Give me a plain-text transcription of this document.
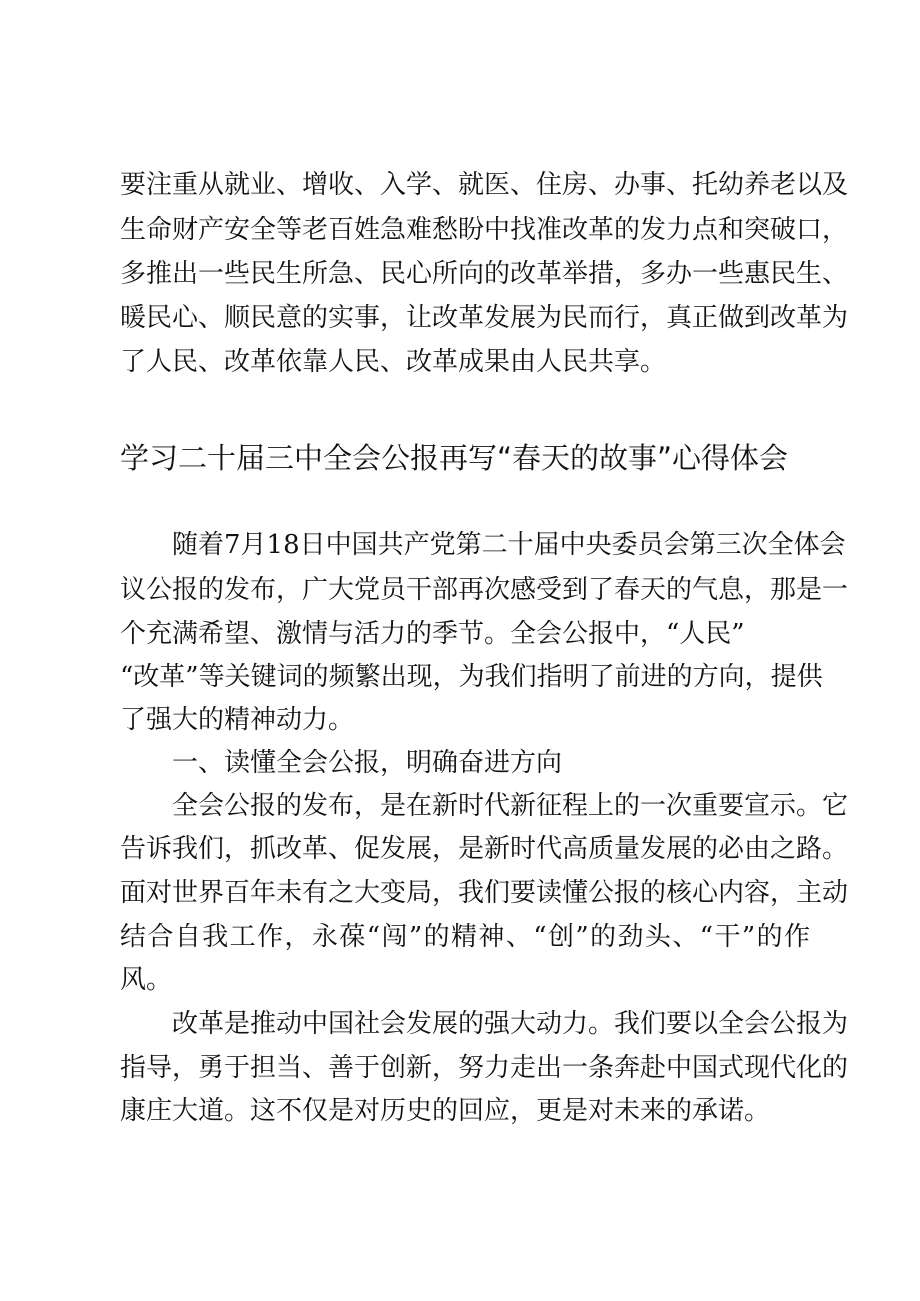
要注重从就业、增收、入学、就医、住房、办事、托幼养老以及
生命财产安全等老百姓急难愁盼中找准改革的发力点和突破口，
多推出一些民生所急、民心所向的改革举措，多办一些惠民生、
暖民心、顺民意的实事，让改革发展为民而行，真正做到改革为
了人民、改革依靠人民、改革成果由人民共享。
学习二十届三中全会公报再写“春天的故事”心得体会
随着7月18日中国共产党第二十届中央委员会第三次全体会
议公报的发布，广大党员干部再次感受到了春天的气息，那是一
个充满希望、激情与活力的季节。全会公报中，“人民”
“改革”等关键词的频繁出现，为我们指明了前进的方向，提供
了强大的精神动力。
一、读懂全会公报，明确奋进方向
全会公报的发布，是在新时代新征程上的一次重要宣示。它
告诉我们，抓改革、促发展，是新时代高质量发展的必由之路。
面对世界百年未有之大变局，我们要读懂公报的核心内容，主动
结合自我工作，永葆“闯”的精神、“创”的劲头、“干”的作
风。
改革是推动中国社会发展的强大动力。我们要以全会公报为
指导，勇于担当、善于创新，努力走出一条奔赴中国式现代化的
康庄大道。这不仅是对历史的回应，更是对未来的承诺。
